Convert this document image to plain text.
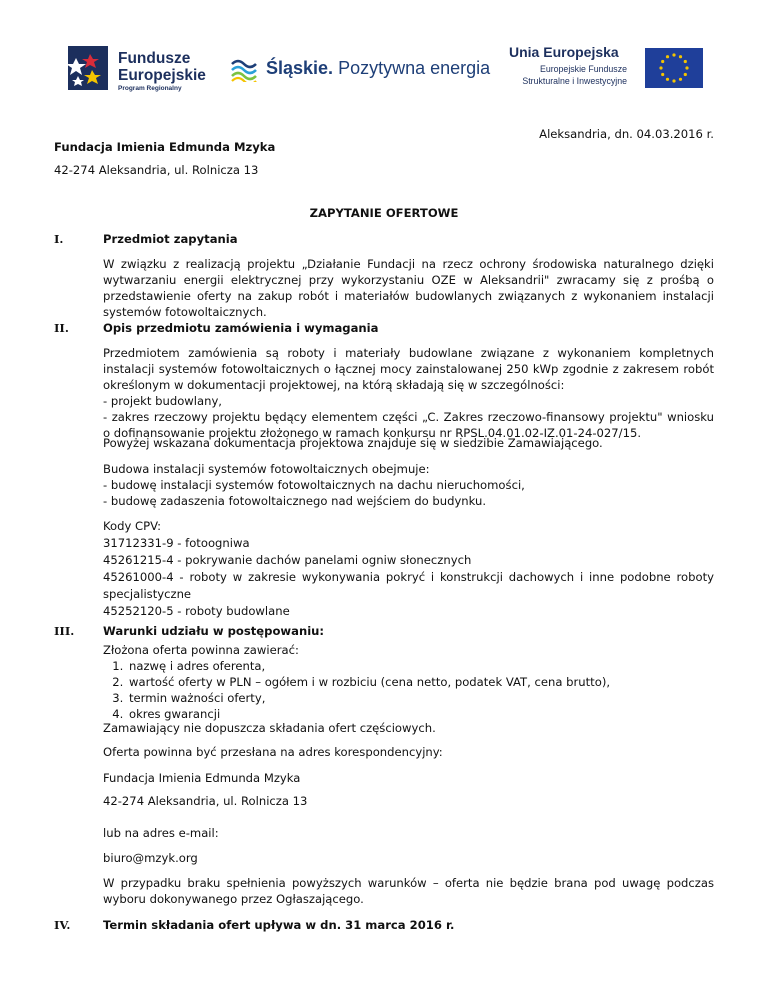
Fundusze
Europejskie
Program Regionalny
Śląskie. Pozytywna energia
Unia Europejska
Europejskie Fundusze
Strukturalne i Inwestycyjne
Aleksandria, dn. 04.03.2016 r.
Fundacja Imienia Edmunda Mzyka
42-274 Aleksandria, ul. Rolnicza 13
ZAPYTANIE OFERTOWE
I.	Przedmiot zapytania
W związku z realizacją projektu „Działanie Fundacji na rzecz ochrony środowiska naturalnego dzięki wytwarzaniu energii elektrycznej przy wykorzystaniu OZE w Aleksandrii" zwracamy się z prośbą o przedstawienie oferty na zakup robót i materiałów budowlanych związanych z wykonaniem instalacji systemów fotowoltaicznych.
II.	Opis przedmiotu zamówienia i wymagania
Przedmiotem zamówienia są roboty i materiały budowlane związane z wykonaniem kompletnych instalacji systemów fotowoltaicznych o łącznej mocy zainstalowanej 250 kWp zgodnie z zakresem robót określonym w dokumentacji projektowej, na którą składają się w szczególności:
- projekt budowlany,
- zakres rzeczowy projektu będący elementem części „C. Zakres rzeczowo-finansowy projektu" wniosku o dofinansowanie projektu złożonego w ramach konkursu nr RPSL.04.01.02-IZ.01-24-027/15.
Powyżej wskazana dokumentacja projektowa znajduje się w siedzibie Zamawiającego.
Budowa instalacji systemów fotowoltaicznych obejmuje:
- budowę instalacji systemów fotowoltaicznych na dachu nieruchomości,
- budowę zadaszenia fotowoltaicznego nad wejściem do budynku.
Kody CPV:
31712331-9 - fotoogniwa
45261215-4 - pokrywanie dachów panelami ogniw słonecznych
45261000-4 - roboty w zakresie wykonywania pokryć i konstrukcji dachowych i inne podobne roboty specjalistyczne
45252120-5 - roboty budowlane
III. Warunki udziału w postępowaniu:
Złożona oferta powinna zawierać:
1. nazwę i adres oferenta,
2. wartość oferty w PLN – ogółem i w rozbiciu (cena netto, podatek VAT, cena brutto),
3. termin ważności oferty,
4. okres gwarancji
Zamawiający nie dopuszcza składania ofert częściowych.
Oferta powinna być przesłana na adres korespondencyjny:
Fundacja Imienia Edmunda Mzyka
42-274 Aleksandria, ul. Rolnicza 13
lub na adres e-mail:
biuro@mzyk.org
W przypadku braku spełnienia powyższych warunków – oferta nie będzie brana pod uwagę podczas wyboru dokonywanego przez Ogłaszającego.
IV.	Termin składania ofert upływa w dn. 31 marca 2016 r.
